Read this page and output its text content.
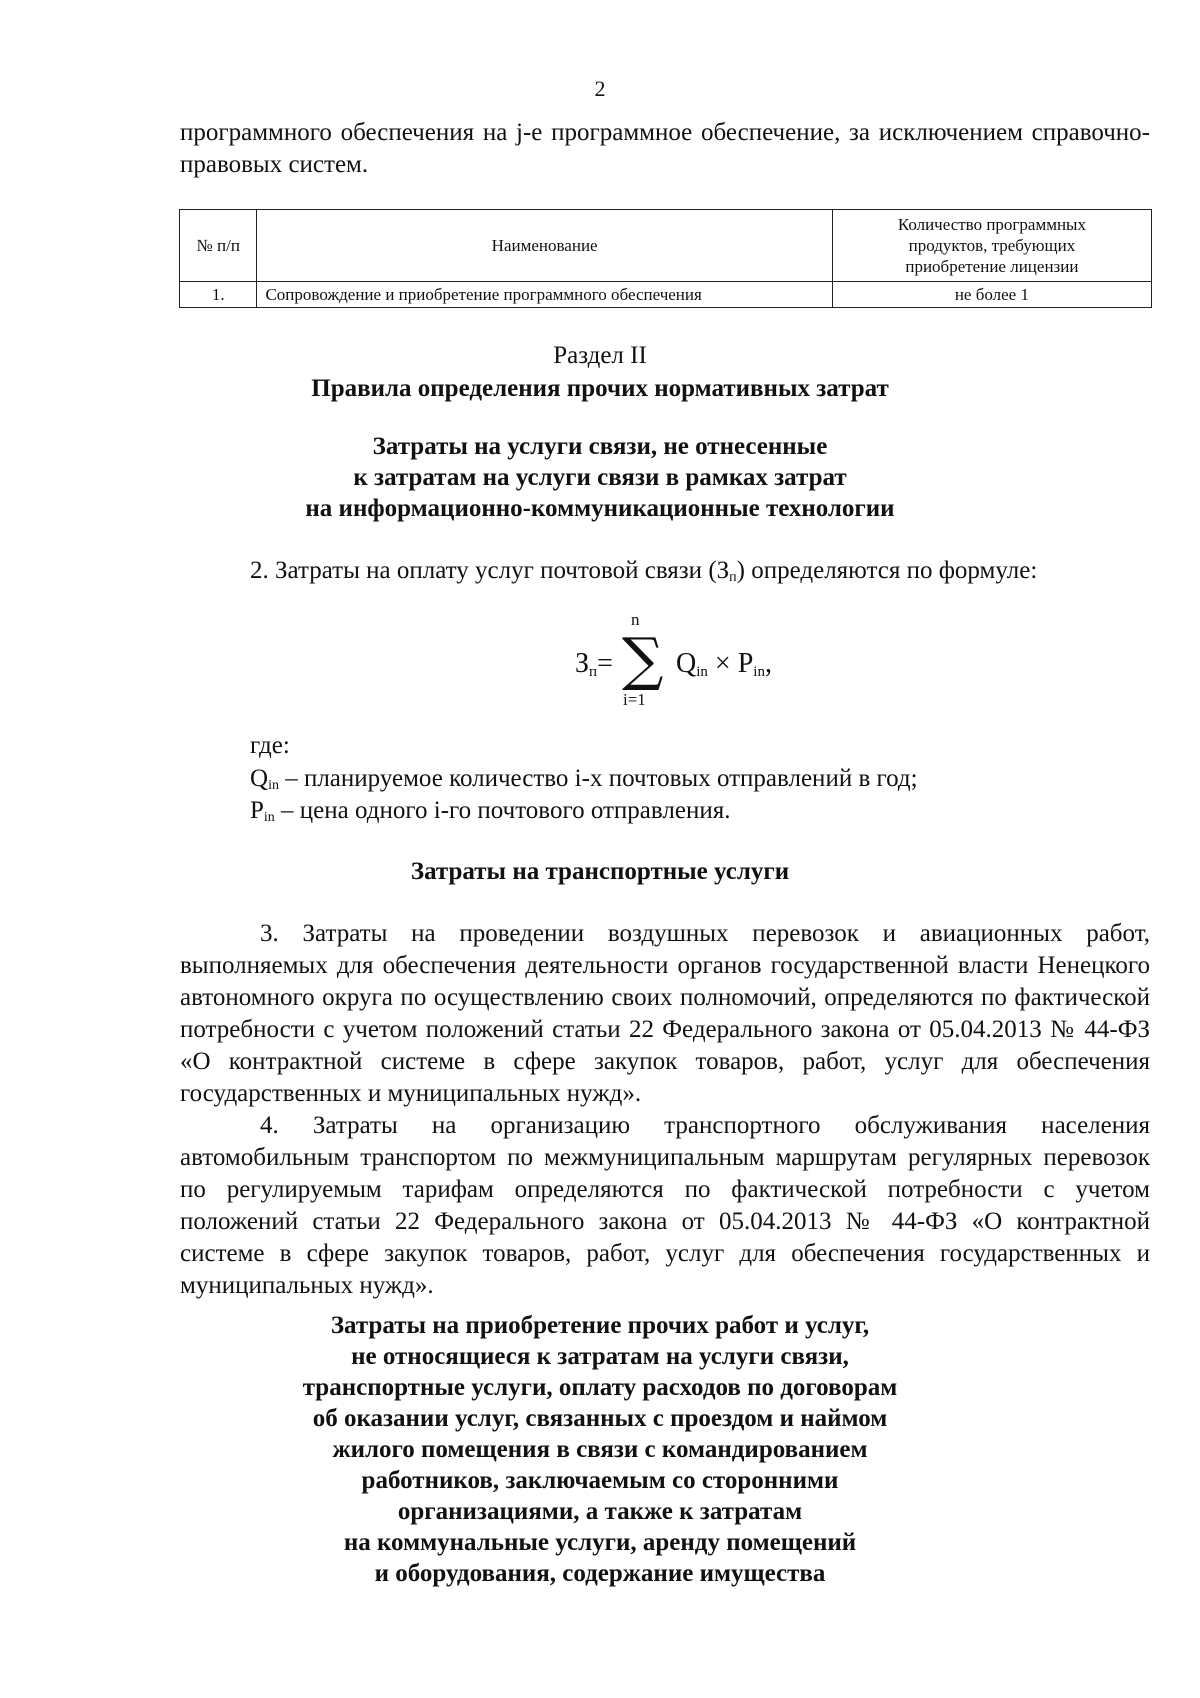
2
программного обеспечения на j-е программное обеспечение, за исключением справочно-правовых систем.
№ п/п	Наименование	Количество программных продуктов, требующих приобретение лицензии
1.	Сопровождение и приобретение программного обеспечения	не более 1
Раздел II
Правила определения прочих нормативных затрат
Затраты на услуги связи, не отнесенные
к затратам на услуги связи в рамках затрат
на информационно-коммуникационные технологии
2. Затраты на оплату услуг почтовой связи (Зп) определяются по формуле:
$З_п=$
n
∑
i=1
$Q_{in} \times P_{in}$,
где:
Qin – планируемое количество i-х почтовых отправлений в год;
Pin – цена одного i-го почтового отправления.
Затраты на транспортные услуги
3. Затраты на проведении воздушных перевозок и авиационных работ, выполняемых для обеспечения деятельности органов государственной власти Ненецкого автономного округа по осуществлению своих полномочий, определяются по фактической потребности с учетом положений статьи 22 Федерального закона от 05.04.2013 № 44-ФЗ «О контрактной системе в сфере закупок товаров, работ, услуг для обеспечения государственных и муниципальных нужд».
4. Затраты на организацию транспортного обслуживания населения автомобильным транспортом по межмуниципальным маршрутам регулярных перевозок по регулируемым тарифам определяются по фактической потребности с учетом положений статьи 22 Федерального закона от 05.04.2013 № 44-ФЗ «О контрактной системе в сфере закупок товаров, работ, услуг для обеспечения государственных и муниципальных нужд».
Затраты на приобретение прочих работ и услуг,
не относящиеся к затратам на услуги связи,
транспортные услуги, оплату расходов по договорам
об оказании услуг, связанных с проездом и наймом
жилого помещения в связи с командированием
работников, заключаемым со сторонними
организациями, а также к затратам
на коммунальные услуги, аренду помещений
и оборудования, содержание имущества
